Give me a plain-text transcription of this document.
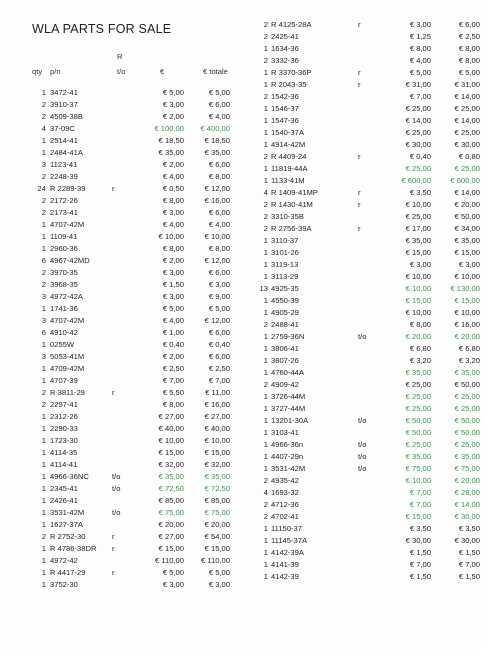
WLA PARTS FOR SALE
R
qty p/n	t/o	€	€ totale
1 3472-41	€ 5,00	€ 5,00
2 3910-37	€ 3,00	€ 6,00
2 4509-38B	€ 2,00	€ 4,00
4 37-09C	€ 100,00	€ 400,00
1 2514-41	€ 18,50	€ 18,50
1 2484-41A	€ 35,00	€ 35,00
3 1123-41	€ 2,00	€ 6,00
2 2248-39	€ 4,00	€ 8,00
24 R 2289-39	r	€ 0,50	€ 12,00
2 2172-26	€ 8,00	€ 16,00
2 2173-41	€ 3,00	€ 6,00
1 4707-42M	€ 4,00	€ 4,00
1 1109-41	€ 10,00	€ 10,00
1 2960-36	€ 8,00	€ 8,00
6 4967-42MD	€ 2,00	€ 12,00
2 3970-35	€ 3,00	€ 6,00
2 3968-35	€ 1,50	€ 3,00
3 4972-42A	€ 3,00	€ 9,00
1 1741-36	€ 5,00	€ 5,00
3 4707-42M	€ 4,00	€ 12,00
6 4910-42	€ 1,00	€ 6,00
1 0255W	€ 0,40	€ 0,40
3 5053-41M	€ 2,00	€ 6,00
1 4709-42M	€ 2,50	€ 2,50
1 4707-39	€ 7,00	€ 7,00
2 R 3811-29	r	€ 5,50	€ 11,00
2 2297-41	€ 8,00	€ 16,00
1 2312-26	€ 27,00	€ 27,00
1 2290-33	€ 40,00	€ 40,00
1 1723-30	€ 10,00	€ 10,00
1 4114-35	€ 15,00	€ 15,00
1 4114-41	€ 32,00	€ 32,00
1 4966-36NC	t/o	€ 35,00	€ 35,00
1 2345-41	t/o	€ 72,50	€ 72,50
1 2426-41	€ 85,00	€ 85,00
1 3531-42M	t/o	€ 75,00	€ 75,00
1 1627-37A	€ 20,00	€ 20,00
2 R 2752-30	r	€ 27,00	€ 54,00
1 R 4786-38DR r	€ 15,00	€ 15,00
1 4972-42	€ 110,00	€ 110,00
1 R 4417-29	r	€ 5,00	€ 5,00
1 3752-30	€ 3,00	€ 3,00
2 R 4125-28A	r	€ 3,00	€ 6,00
2 2425-41	€ 1,25	€ 2,50
1 1634-36	€ 8,00	€ 8,00
2 3332-36	€ 4,00	€ 8,00
1 R 3370-36P	r	€ 5,00	€ 5,00
1 R 2043-35	r	€ 31,00	€ 31,00
2 1542-36	€ 7,00	€ 14,00
1 1546-37	€ 25,00	€ 25,00
1 1547-36	€ 14,00	€ 14,00
1 1540-37A	€ 25,00	€ 25,00
1 4914-42M	€ 30,00	€ 30,00
2 R 4409-24	r	€ 0,40	€ 0,80
1 11819-44A	€ 25,00	€ 25,00
1 1133-41M	€ 600,00	€ 600,00
4 R 1409-41MP	r	€ 3,50	€ 14,00
2 R 1430-41M	r	€ 10,00	€ 20,00
2 3310-35B	€ 25,00	€ 50,00
2 R 2756-39A	r	€ 17,00	€ 34,00
1 3110-37	€ 35,00	€ 35,00
1 3101-26	€ 15,00	€ 15,00
1 3119-13	€ 3,00	€ 3,00
1 3113-29	€ 10,00	€ 10,00
13 4925-35	€ 10,00	€ 130,00
1 4550-39	€ 15,00	€ 15,00
1 4905-29	€ 10,00	€ 10,00
2 2488-41	€ 8,00	€ 16,00
1 2759-36N	t/o	€ 20,00	€ 20,00
1 3806-41	€ 6,80	€ 6,80
1 3807-26	€ 3,20	€ 3,20
1 4760-44A	€ 35,00	€ 35,00
2 4909-42	€ 25,00	€ 50,00
1 3726-44M	€ 25,00	€ 25,00
1 3727-44M	€ 25,00	€ 25,00
1 13201-30A	t/o	€ 50,00	€ 50,00
1 3103-41	€ 50,00	€ 50,00
1 4966-36n	t/o	€ 25,00	€ 25,00
1 4407-29n	t/o	€ 35,00	€ 35,00
1 3531-42M	t/o	€ 75,00	€ 75,00
2 4935-42	€ 10,00	€ 20,00
4 1693-32	€ 7,00	€ 28,00
2 4712-36	€ 7,00	€ 14,00
2 4702-41	€ 15,00	€ 30,00
1 11150-37	€ 3,50	€ 3,50
1 11145-37A	€ 30,00	€ 30,00
1 4142-39A	€ 1,50	€ 1,50
1 4141-39	€ 7,00	€ 7,00
1 4142-39	€ 1,50	€ 1,50
